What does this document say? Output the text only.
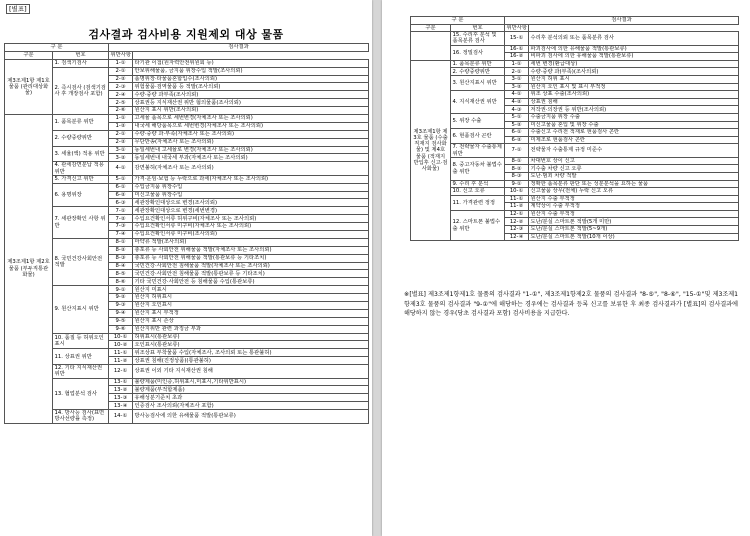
[별표]
검사결과 검사비용 지원제외 대상 물품
구 분		검사결과	
구분	번호	위반사항	
제3조제1항 제1호 물품 (관리대상화물)	1. 검색기검사	1-①	타기관 이첩(원자력안전위원회 등)
	2. 즉시검사 (검색기검사 후 개장검사 포함)	2-①	안보위해물품, 금지품 위장수입 적발(조사의뢰)
		2-②	품명위장·타물품혼합입수(조사의뢰)
		2-③	위험물품·검역물품 등 적발(조사의뢰)
		2-④	수량·중량 과부족(조사의뢰)
		2-⑤	상표권등 지식재산권 위반 혐의물품(조사의뢰)
		2-⑥	원산지 표시 위반(조사의뢰)
제3조제1항 제2호 물품 (부두직통관화물)	1. 품목분류 위반	1-①	고세율 품목으로 세번변경(자체조사 또는 조사의뢰)
		1-②	내국세 해당품목으로 세번변경(자체조사 또는 조사의뢰)
	2. 수량중량위반	2-①	수량·중량 과·부족(자체조사 또는 조사의뢰)
		2-②	무단반송(자체조사 또는 조사의뢰)
	3. 세율(액) 적용 위반	3-①	동일세번내 고세율로 변경(자체조사 또는 조사의뢰)
		3-②	동일세번내 내국세 부과(자체조사 또는 조사의뢰)
	4. 관세감면분납 적용 위반	4-①	감면불허(자체조사 또는 조사의뢰)
	5. 가격신고 위반	5-①	가격·운임·보험 등 누락으로 과세(자체조사 또는 조사의뢰)
	6. 용명위장	6-①	수입금지품 위장수입
		6-②	미신고물품 위장수입
		6-③	세관장확인대상으로 변경(조사의뢰)
	7. 세관장확인 사항 위반	7-①	세관장확인대상으로 변경(세번변경)
		7-②	수입요건확인서류 허위구비(자체조사 또는 조사의뢰)
		7-③	수입요건확인서류 미구비(자체조사 또는 조사의뢰)
		7-④	수입요건확인서류 미구비(조사의뢰)
	8. 국민건강사회안전 적발	8-①	마약류 적발(조사의뢰)
		8-②	총포류 등 사회안전 위해물품 적발(자체조사 또는 조사의뢰)
		8-③	총포류 등 사회안전 위해물품 적발(통관보류 등 기타조치)
		8-④	국민건강·사회안전 침해물품 적발(자체조사 또는 조사의뢰)
		8-⑤	국민건강·사회안전 침해물품 적발(통관보류 등 기타조치)
		8-⑥	기타 국민건강·사회안전 등 침해물품 수입(통관보류)
	9. 원산지표시 위반	9-①	원산지 미표시
		9-②	원산지 허위표시
		9-③	원산지 오인표시
		9-④	원산지 표시 부적정
		9-⑤	원산지 표시 손상
		9-⑥	원산지위반 관련 과징금 부과
	10. 품질 등 허위오인표시	10-①	허위표시(통관보류)
		10-②	오인표시(통관보류)
	11. 상표권 위반	11-①	위조상표 부착물품 수입(자체조사, 조사의뢰 또는 통관불허)
		11-②	상표권 침해(진정상품)(통관불허)
	12. 기타 지식재산권 위반	12-①	상표권 이외 기타 지식재산권 침해
	13. 협업분석 검사	13-①	불량제품(미인증,허위표시,미표시,기타위반표시)
		13-②	불량제품(부적합제품)
		13-③	유해성분기준치 초과
		13-④	인증검사 조사의뢰(자체조사 포함)
	14. 방사능 검사(표면 방사선량률 측정)	14-①	방사능검사에 의한 유해물품 적발(통관보류)
구 분		검사결과	
구분	번호	위반사항	
	15. 수리후 분석 및 품목분류 검사	15-①	수리후 분석의뢰 또는 품목분류 검사
	16. 정밀검사	16-①	파괴검사에 의한 유해물품 적발(통관보류)
		16-②	비파괴 검사에 의한 유해물품 적발(통관보류)
제3조제1항 제3호 물품 (수출직재지 검사화물) 및 제4호 물품 (적재지 반입후 신고·검사화물)	1. 품목분류 위반	1-①	세번 변경(환급대상)
	2. 수량중량위반	2-①	수량·중량 과(부족)(조사의뢰)
	3. 원산지표시 위반	3-①	원산지 허위 표시
		3-②	원산지 오인 표시 및 표시 부적정
	4. 지식재산권 위반	4-①	위조 상표 수출(조사의뢰)
		4-②	상표권 침해
		4-③	저작권·의장권 등 위반(조사의뢰)
	5. 위장 수출	5-①	수출금지품 위장 수출
		5-②	미신고물품 혼입 및 위장 수출
	6. 현품검사 곤란	6-①	수출신고 수리전 적재로 현품검사 곤란
		6-②	미제조로 현품검사 곤란
	7. 전략물자 수출통제 위반	7-①	전략물자 수출통제 규정 미준수
	8. 중고자동차 불법수출 위반	8-①	차대번호 상이 신고
		8-②	기수출 차량 신고 오류
		8-③	도난·범죄 차량 적발
	9. 수리 후 분석	9-①	정확한 품목분류 판단 또는 성분분석을 요하는 물품
	10. 신고 오류	10-①	신고물품 상무(전체) 누락 신고 오류
	11. 가격관련 정정	11-①	원산지 수출 부적정
		11-②	계약상이 수출 부적정
	12. 스마트폰 불법수출 위반	12-①	원산지 수출 부적정
		12-②	도난/분실 스마트폰 적발(5개 미만)
		12-③	도난/분실 스마트폰 적발(5~9개)
		12-④	도난/분실 스마트폰 적발(10개 이상)
※[별표] 제3조제1항제1호 물품의 검사결과 "1-①", 제3조제1항제2호 물품의 검사결과 "8-⑤", "8-⑥", "15-①"및 제3조제1항제3호 물품의 검사결과 "9-①"에 해당하는 경우에는 검사결과 등록 신고를 보류한 후 최종 검사결과가 [별표]의 검사결과에 해당하지 않는 경우(당초 검사결과 포함) 검사비용을 지급한다.
